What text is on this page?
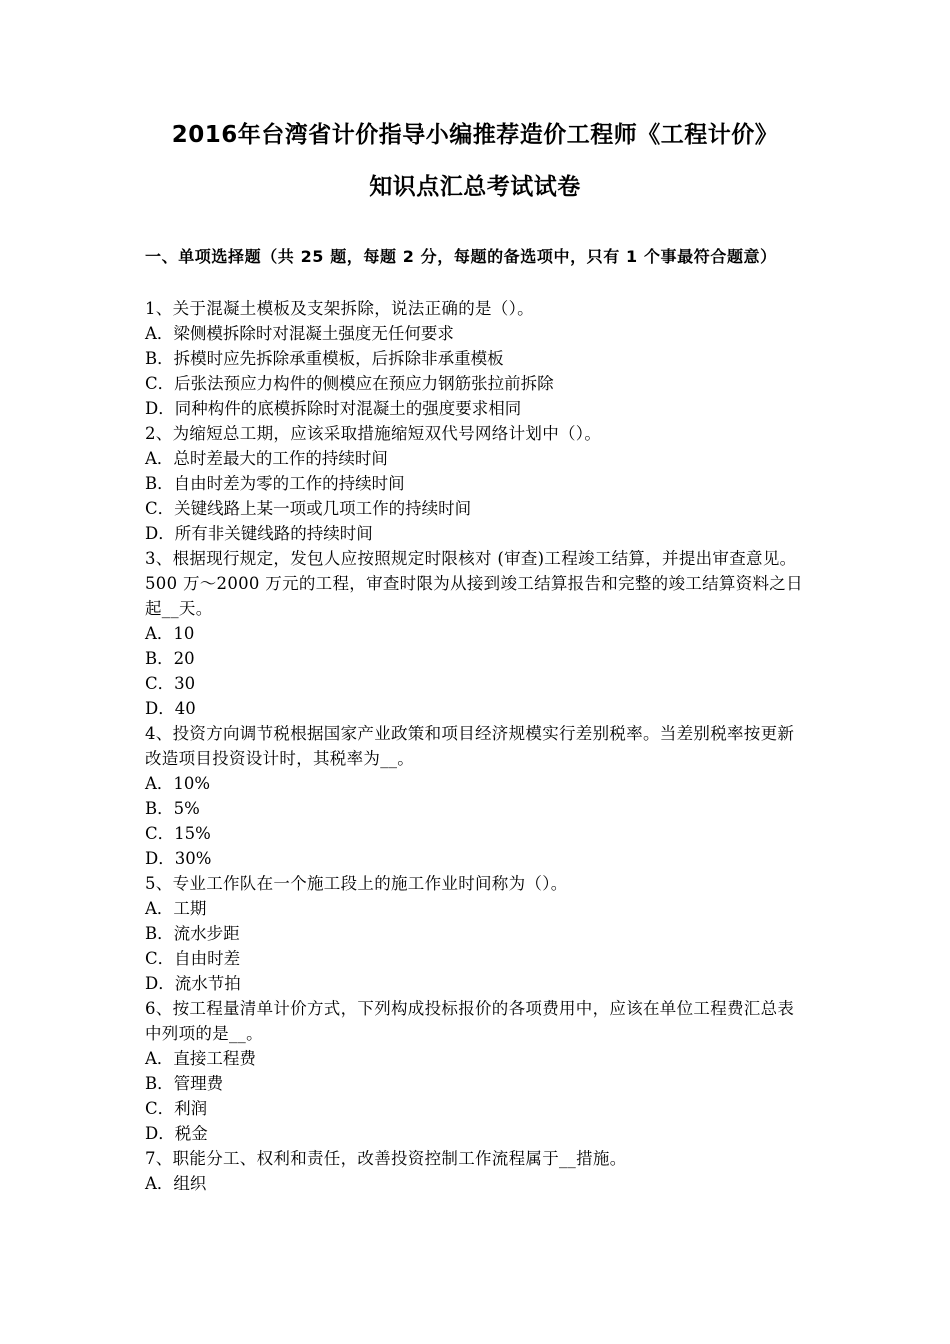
2016年台湾省计价指导小编推荐造价工程师《工程计价》
知识点汇总考试试卷
一、单项选择题（共 25 题，每题 2 分，每题的备选项中，只有 1 个事最符合题意）

1、关于混凝土模板及支架拆除，说法正确的是（）。

A．梁侧模拆除时对混凝土强度无任何要求

B．拆模时应先拆除承重模板，后拆除非承重模板

C．后张法预应力构件的侧模应在预应力钢筋张拉前拆除

D．同种构件的底模拆除时对混凝土的强度要求相同

2、为缩短总工期，应该采取措施缩短双代号网络计划中（）。

A．总时差最大的工作的持续时间

B．自由时差为零的工作的持续时间

C．关键线路上某一项或几项工作的持续时间

D．所有非关键线路的持续时间

3、根据现行规定，发包人应按照规定时限核对 (审查)工程竣工结算，并提出审查意见。500 万～2000 万元的工程，审查时限为从接到竣工结算报告和完整的竣工结算资料之日起__天。

A．10

B．20

C．30

D．40

4、投资方向调节税根据国家产业政策和项目经济规模实行差别税率。当差别税率按更新改造项目投资设计时，其税率为__。

A．10%

B．5%

C．15%

D．30%

5、专业工作队在一个施工段上的施工作业时间称为（）。

A．工期

B．流水步距

C．自由时差

D．流水节拍

6、按工程量清单计价方式，下列构成投标报价的各项费用中，应该在单位工程费汇总表中列项的是__。

A．直接工程费

B．管理费

C．利润

D．税金

7、职能分工、权利和责任，改善投资控制工作流程属于__措施。

A．组织
